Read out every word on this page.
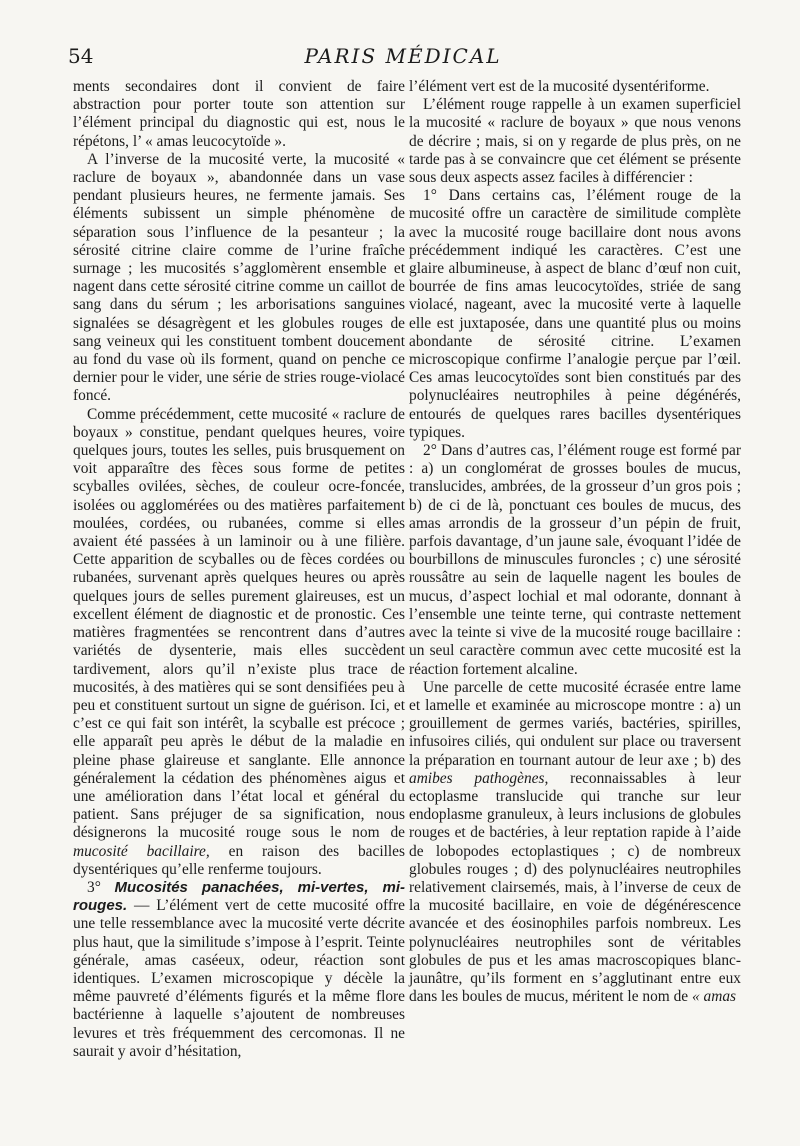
54	PARIS MÉDICAL

ments secondaires dont il convient de faire abstraction pour porter toute son attention sur l’élément principal du diagnostic qui est, nous le répétons, l’ « amas leucocytoïde ».

A l’inverse de la mucosité verte, la mucosité « raclure de boyaux », abandonnée dans un vase pendant plusieurs heures, ne fermente jamais. Ses éléments subissent un simple phénomène de séparation sous l’influence de la pesanteur ; la sérosité citrine claire comme de l’urine fraîche surnage ; les mucosités s’agglomèrent ensemble et nagent dans cette sérosité citrine comme un caillot de sang dans du sérum ; les arborisations sanguines signalées se désagrègent et les globules rouges de sang veineux qui les constituent tombent doucement au fond du vase où ils forment, quand on penche ce dernier pour le vider, une série de stries rouge-violacé foncé.

Comme précédemment, cette mucosité « raclure de boyaux » constitue, pendant quelques heures, voire quelques jours, toutes les selles, puis brusquement on voit apparaître des fèces sous forme de petites scyballes ovilées, sèches, de couleur ocre-foncée, isolées ou agglomérées ou des matières parfaitement moulées, cordées, ou rubanées, comme si elles avaient été passées à un laminoir ou à une filière. Cette apparition de scyballes ou de fèces cordées ou rubanées, survenant après quelques heures ou après quelques jours de selles purement glaireuses, est un excellent élément de diagnostic et de pronostic. Ces matières fragmentées se rencontrent dans d’autres variétés de dysenterie, mais elles succèdent tardivement, alors qu’il n’existe plus trace de mucosités, à des matières qui se sont densifiées peu à peu et constituent surtout un signe de guérison. Ici, et c’est ce qui fait son intérêt, la scyballe est précoce ; elle apparaît peu après le début de la maladie en pleine phase glaireuse et sanglante. Elle annonce généralement la cédation des phénomènes aigus et une amélioration dans l’état local et général du patient. Sans préjuger de sa signification, nous désignerons la mucosité rouge sous le nom de mucosité bacillaire, en raison des bacilles dysentériques qu’elle renferme toujours.

3° Mucosités panachées, mi-vertes, mi-rouges. — L’élément vert de cette mucosité offre une telle ressemblance avec la mucosité verte décrite plus haut, que la similitude s’impose à l’esprit. Teinte générale, amas caséeux, odeur, réaction sont identiques. L’examen microscopique y décèle la même pauvreté d’éléments figurés et la même flore bactérienne à laquelle s’ajoutent de nombreuses levures et très fréquemment des cercomonas. Il ne saurait y avoir d’hésitation,

l’élément vert est de la mucosité dysentériforme.

L’élément rouge rappelle à un examen superficiel la mucosité « raclure de boyaux » que nous venons de décrire ; mais, si on y regarde de plus près, on ne tarde pas à se convaincre que cet élément se présente sous deux aspects assez faciles à différencier :

1° Dans certains cas, l’élément rouge de la mucosité offre un caractère de similitude complète avec la mucosité rouge bacillaire dont nous avons précédemment indiqué les caractères. C’est une glaire albumineuse, à aspect de blanc d’œuf non cuit, bourrée de fins amas leucocytoïdes, striée de sang violacé, nageant, avec la mucosité verte à laquelle elle est juxtaposée, dans une quantité plus ou moins abondante de sérosité citrine. L’examen microscopique confirme l’analogie perçue par l’œil. Ces amas leucocytoïdes sont bien constitués par des polynucléaires neutrophiles à peine dégénérés, entourés de quelques rares bacilles dysentériques typiques.

2° Dans d’autres cas, l’élément rouge est formé par : a) un conglomérat de grosses boules de mucus, translucides, ambrées, de la grosseur d’un gros pois ; b) de ci de là, ponctuant ces boules de mucus, des amas arrondis de la grosseur d’un pépin de fruit, parfois davantage, d’un jaune sale, évoquant l’idée de bourbillons de minuscules furoncles ; c) une sérosité roussâtre au sein de laquelle nagent les boules de mucus, d’aspect lochial et mal odorante, donnant à l’ensemble une teinte terne, qui contraste nettement avec la teinte si vive de la mucosité rouge bacillaire : un seul caractère commun avec cette mucosité est la réaction fortement alcaline.

Une parcelle de cette mucosité écrasée entre lame et lamelle et examinée au microscope montre : a) un grouillement de germes variés, bactéries, spirilles, infusoires ciliés, qui ondulent sur place ou traversent la préparation en tournant autour de leur axe ; b) des amibes pathogènes, reconnaissables à leur ectoplasme translucide qui tranche sur leur endoplasme granuleux, à leurs inclusions de globules rouges et de bactéries, à leur reptation rapide à l’aide de lobopodes ectoplastiques ; c) de nombreux globules rouges ; d) des polynucléaires neutrophiles relativement clairsemés, mais, à l’inverse de ceux de la mucosité bacillaire, en voie de dégénérescence avancée et des éosinophiles parfois nombreux. Les polynucléaires neutrophiles sont de véritables globules de pus et les amas macroscopiques blanc-jaunâtre, qu’ils forment en s’agglutinant entre eux dans les boules de mucus, méritent le nom de « amas
